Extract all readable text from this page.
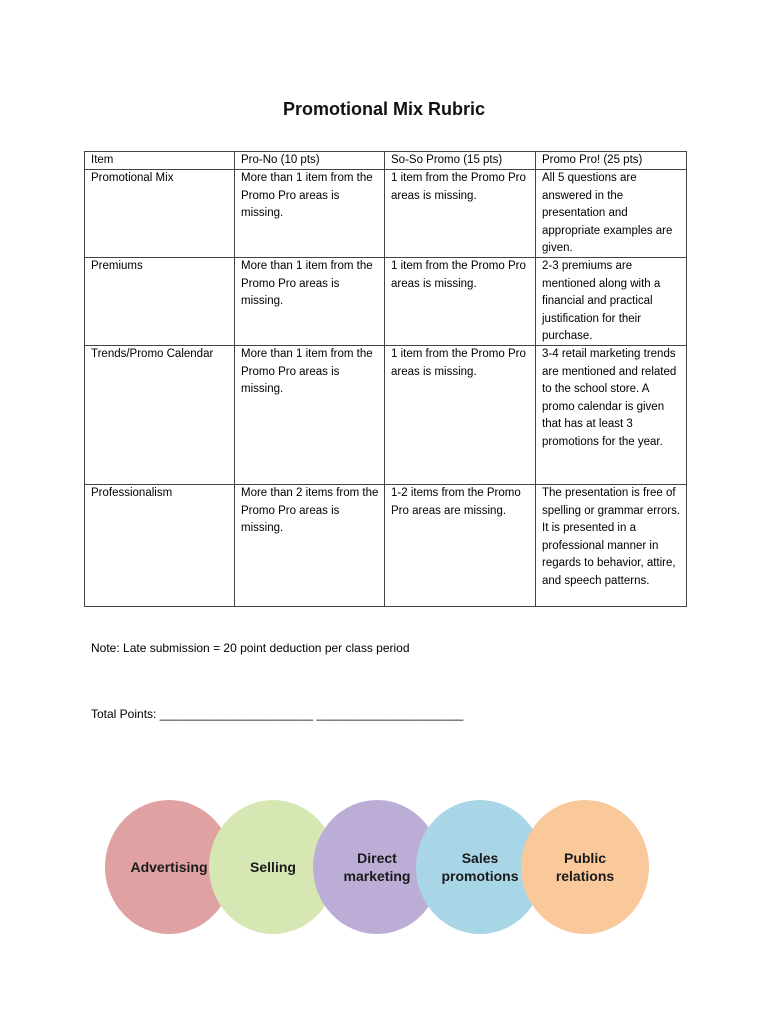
Promotional Mix Rubric
Item	Pro-No (10 pts)	So-So Promo (15 pts)	Promo Pro! (25 pts)
Promotional Mix	More than 1 item from the Promo Pro areas is missing.	1 item from the Promo Pro areas is missing.	All 5 questions are answered in the presentation and appropriate examples are given.
Premiums	More than 1 item from the Promo Pro areas is missing.	1 item from the Promo Pro areas is missing.	2-3 premiums are mentioned along with a financial and practical justification for their purchase.
Trends/Promo Calendar	More than 1 item from the Promo Pro areas is missing.	1 item from the Promo Pro areas is missing.	3-4 retail marketing trends are mentioned and related to the school store. A promo calendar is given that has at least 3 promotions for the year.
Professionalism	More than 2 items from the Promo Pro areas is missing.	1-2 items from the Promo Pro areas are missing.	The presentation is free of spelling or grammar errors. It is presented in a professional manner in regards to behavior, attire, and speech patterns.
Note: Late submission = 20 point deduction per class period
Total Points: _______________________ ______________________
Advertising	Selling
Direct
marketing
Sales
promotions
Public
relations
